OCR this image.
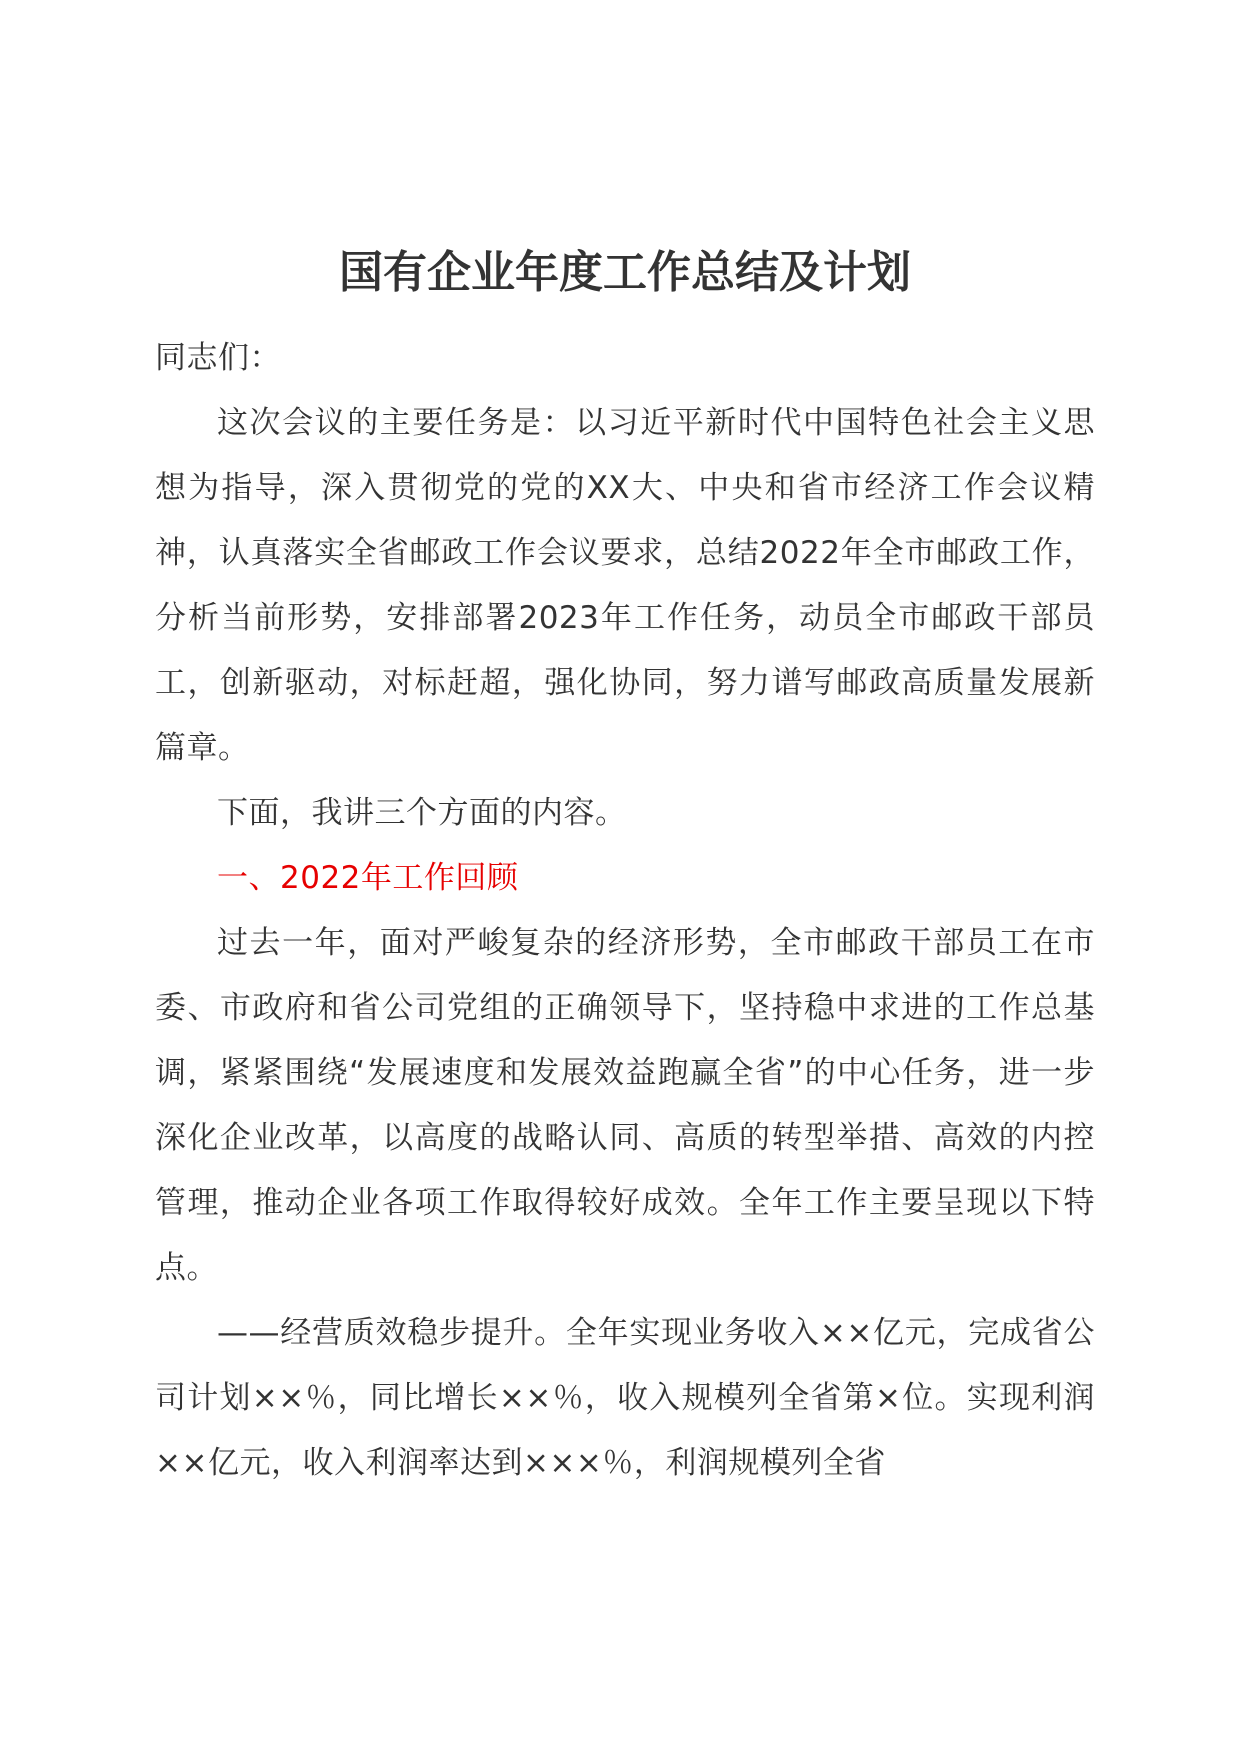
国有企业年度工作总结及计划

同志们：

这次会议的主要任务是：以习近平新时代中国特色社会主义思想为指导，深入贯彻党的党的XX大、中央和省市经济工作会议精神，认真落实全省邮政工作会议要求，总结2022年全市邮政工作，分析当前形势，安排部署2023年工作任务，动员全市邮政干部员工，创新驱动，对标赶超，强化协同，努力谱写邮政高质量发展新篇章。

下面，我讲三个方面的内容。

一、2022年工作回顾

过去一年，面对严峻复杂的经济形势，全市邮政干部员工在市委、市政府和省公司党组的正确领导下，坚持稳中求进的工作总基调，紧紧围绕“发展速度和发展效益跑赢全省”的中心任务，进一步深化企业改革，以高度的战略认同、高质的转型举措、高效的内控管理，推动企业各项工作取得较好成效。全年工作主要呈现以下特点。

——经营质效稳步提升。全年实现业务收入××亿元，完成省公司计划××％，同比增长××％，收入规模列全省第×位。实现利润××亿元，收入利润率达到×××％，利润规模列全省
